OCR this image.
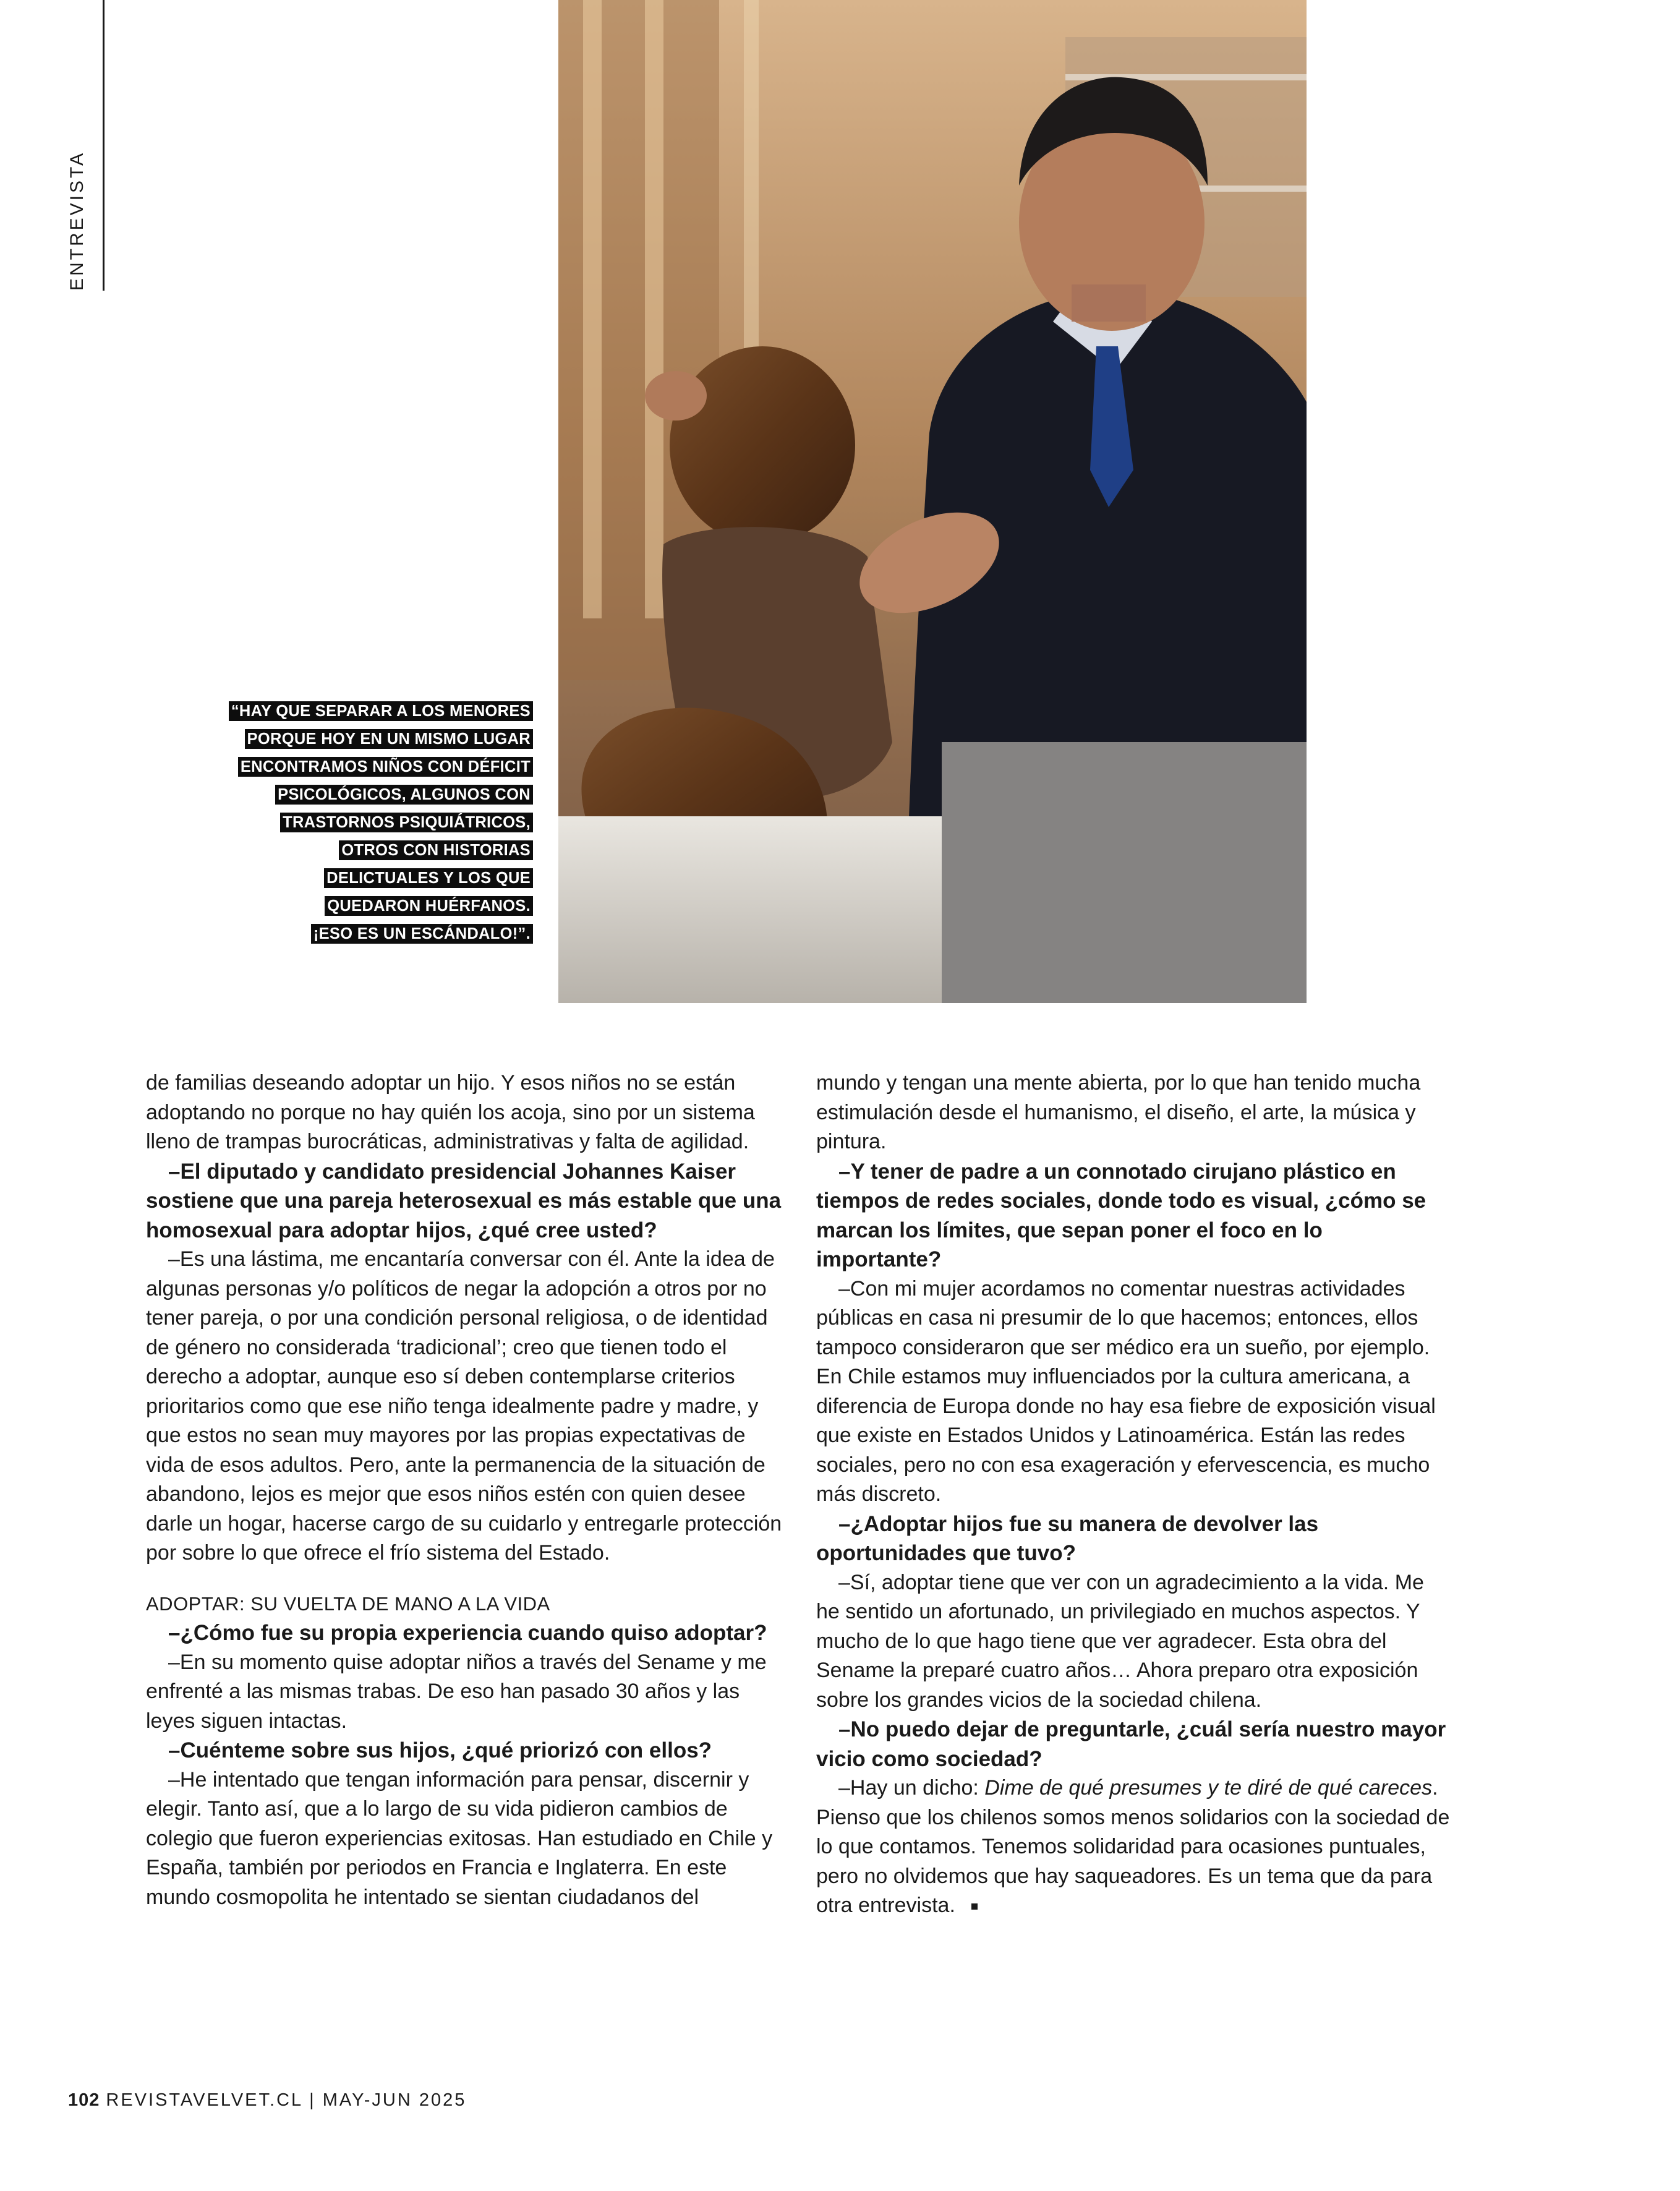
ENTREVISTA
“HAY QUE SEPARAR A LOS MENORES
PORQUE HOY EN UN MISMO LUGAR
ENCONTRAMOS NIÑOS CON DÉFICIT
PSICOLÓGICOS, ALGUNOS CON
TRASTORNOS PSIQUIÁTRICOS,
OTROS CON HISTORIAS
DELICTUALES Y LOS QUE
QUEDARON HUÉRFANOS.
¡ESO ES UN ESCÁNDALO!”.

de familias deseando adoptar un hijo. Y esos niños no se están adoptando no porque no hay quién los acoja, sino por un sistema lleno de trampas burocráticas, administrativas y falta de agilidad.

–El diputado y candidato presidencial Johannes Kaiser sostiene que una pareja heterosexual es más estable que una homosexual para adoptar hijos, ¿qué cree usted?

–Es una lástima, me encantaría conversar con él. Ante la idea de algunas personas y/o políticos de negar la adopción a otros por no tener pareja, o por una condición personal religiosa, o de identidad de género no considerada ‘tradicional’; creo que tienen todo el derecho a adoptar, aunque eso sí deben contemplarse criterios prioritarios como que ese niño tenga idealmente padre y madre, y que estos no sean muy mayores por las propias expectativas de vida de esos adultos. Pero, ante la permanencia de la situación de abandono, lejos es mejor que esos niños estén con quien desee darle un hogar, hacerse cargo de su cuidarlo y entregarle protección por sobre lo que ofrece el frío sistema del Estado.

ADOPTAR: SU VUELTA DE MANO A LA VIDA

–¿Cómo fue su propia experiencia cuando quiso adoptar?

–En su momento quise adoptar niños a través del Sename y me enfrenté a las mismas trabas. De eso han pasado 30 años y las leyes siguen intactas.

–Cuénteme sobre sus hijos, ¿qué priorizó con ellos?

–He intentado que tengan información para pensar, discernir y elegir. Tanto así, que a lo largo de su vida pidieron cambios de colegio que fueron experiencias exitosas. Han estudiado en Chile y España, también por periodos en Francia e Inglaterra. En este mundo cosmopolita he intentado se sientan ciudadanos del

mundo y tengan una mente abierta, por lo que han tenido mucha estimulación desde el humanismo, el diseño, el arte, la música y pintura.

–Y tener de padre a un connotado cirujano plástico en tiempos de redes sociales, donde todo es visual, ¿cómo se marcan los límites, que sepan poner el foco en lo importante?

–Con mi mujer acordamos no comentar nuestras actividades públicas en casa ni presumir de lo que hacemos; entonces, ellos tampoco consideraron que ser médico era un sueño, por ejemplo. En Chile estamos muy influenciados por la cultura americana, a diferencia de Europa donde no hay esa fiebre de exposición visual que existe en Estados Unidos y Latinoamérica. Están las redes sociales, pero no con esa exageración y efervescencia, es mucho más discreto.

–¿Adoptar hijos fue su manera de devolver las oportunidades que tuvo?

–Sí, adoptar tiene que ver con un agradecimiento a la vida. Me he sentido un afortunado, un privilegiado en muchos aspectos. Y mucho de lo que hago tiene que ver agradecer. Esta obra del Sename la preparé cuatro años… Ahora preparo otra exposición sobre los grandes vicios de la sociedad chilena.

–No puedo dejar de preguntarle, ¿cuál sería nuestro mayor vicio como sociedad?

–Hay un dicho: Dime de qué presumes y te diré de qué careces. Pienso que los chilenos somos menos solidarios con la sociedad de lo que contamos. Tenemos solidaridad para ocasiones puntuales, pero no olvidemos que hay saqueadores. Es un tema que da para otra entrevista.

102 REVISTAVELVET.CL | MAY-JUN 2025
